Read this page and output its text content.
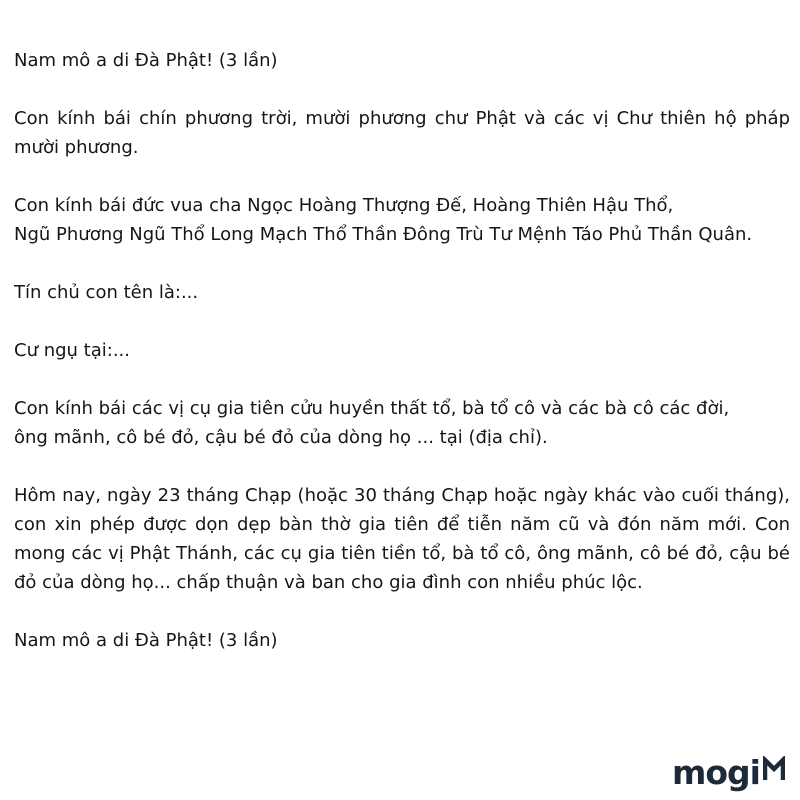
Nam mô a di Đà Phật! (3 lần)

Con kính bái chín phương trời, mười phương chư Phật và các vị Chư thiên hộ pháp mười phương.

Con kính bái đức vua cha Ngọc Hoàng Thượng Đế, Hoàng Thiên Hậu Thổ,
Ngũ Phương Ngũ Thổ Long Mạch Thổ Thần Đông Trù Tư Mệnh Táo Phủ Thần Quân.

Tín chủ con tên là:...

Cư ngụ tại:...

Con kính bái các vị cụ gia tiên cửu huyền thất tổ, bà tổ cô và các bà cô các đời,
ông mãnh, cô bé đỏ, cậu bé đỏ của dòng họ ... tại (địa chỉ).

Hôm nay, ngày 23 tháng Chạp (hoặc 30 tháng Chạp hoặc ngày khác vào cuối tháng), con xin phép được dọn dẹp bàn thờ gia tiên để tiễn năm cũ và đón năm mới. Con mong các vị Phật Thánh, các cụ gia tiên tiền tổ, bà tổ cô, ông mãnh, cô bé đỏ, cậu bé đỏ của dòng họ... chấp thuận và ban cho gia đình con nhiều phúc lộc.

Nam mô a di Đà Phật! (3 lần)

mogi
